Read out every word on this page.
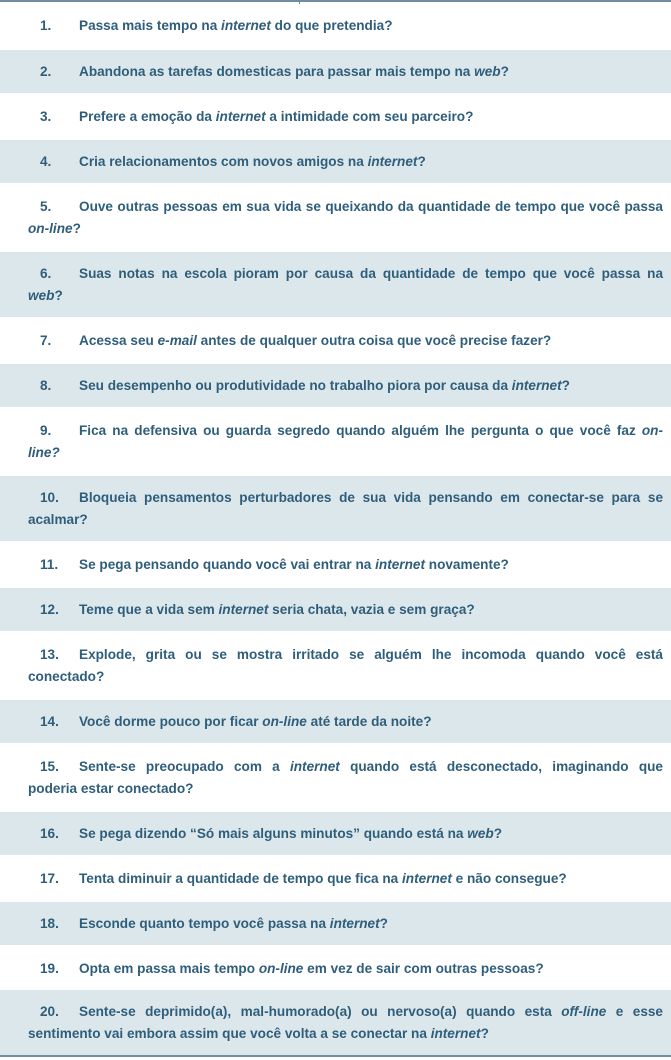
1. Passa mais tempo na internet do que pretendia?
2. Abandona as tarefas domesticas para passar mais tempo na web?
3. Prefere a emoção da internet a intimidade com seu parceiro?
4. Cria relacionamentos com novos amigos na internet?
5. Ouve outras pessoas em sua vida se queixando da quantidade de tempo que você passa
on-line?
6. Suas notas na escola pioram por causa da quantidade de tempo que você passa na
web?
7. Acessa seu e-mail antes de qualquer outra coisa que você precise fazer?
8. Seu desempenho ou produtividade no trabalho piora por causa da internet?
9. Fica na defensiva ou guarda segredo quando alguém lhe pergunta o que você faz on-
line?
10. Bloqueia pensamentos perturbadores de sua vida pensando em conectar-se para se
acalmar?
11. Se pega pensando quando você vai entrar na internet novamente?
12. Teme que a vida sem internet seria chata, vazia e sem graça?
13. Explode, grita ou se mostra irritado se alguém lhe incomoda quando você está
conectado?
14. Você dorme pouco por ficar on-line até tarde da noite?
15. Sente-se preocupado com a internet quando está desconectado, imaginando que
poderia estar conectado?
16. Se pega dizendo “Só mais alguns minutos” quando está na web?
17. Tenta diminuir a quantidade de tempo que fica na internet e não consegue?
18. Esconde quanto tempo você passa na internet?
19. Opta em passa mais tempo on-line em vez de sair com outras pessoas?
20. Sente-se deprimido(a), mal-humorado(a) ou nervoso(a) quando esta off-line e esse
sentimento vai embora assim que você volta a se conectar na internet?
